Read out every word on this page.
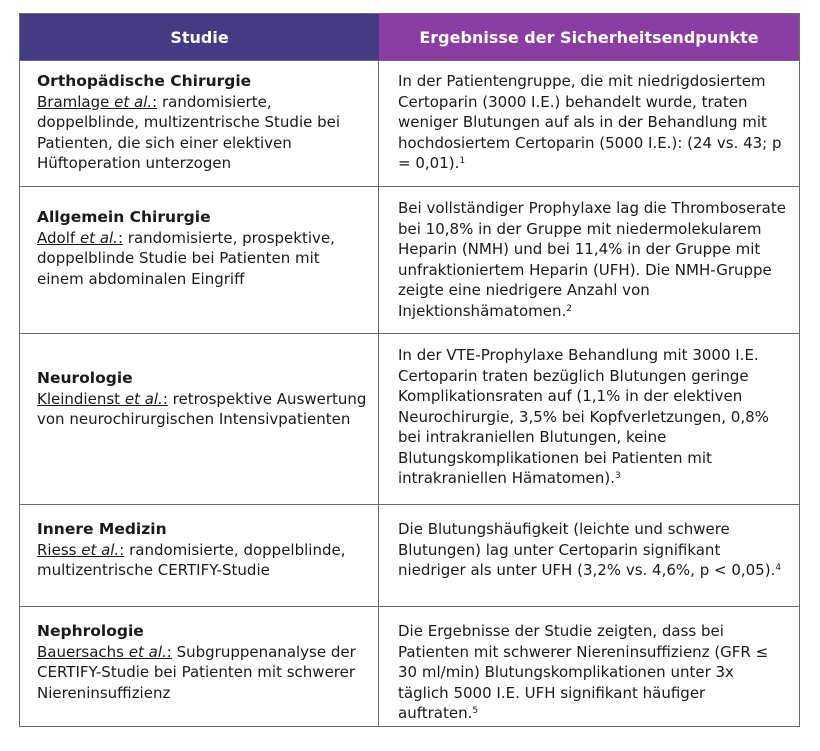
Studie	Ergebnisse der Sicherheitsendpunkte
Orthopädische Chirurgie
Bramlage et al.: randomisierte, doppelblinde, multizentrische Studie bei Patienten, die sich einer elektiven Hüftoperation unterzogen
In der Patientengruppe, die mit niedrigdosiertem Certoparin (3000 I.E.) behandelt wurde, traten weniger Blutungen auf als in der Behandlung mit hochdosiertem Certoparin (5000 I.E.): (24 vs. 43; p = 0,01).$^1$
Allgemein Chirurgie
Adolf et al.: randomisierte, prospektive, doppelblinde Studie bei Patienten mit einem abdominalen Eingriff
Bei vollständiger Prophylaxe lag die Thromboserate bei 10,8% in der Gruppe mit niedermolekularem Heparin (NMH) und bei 11,4% in der Gruppe mit unfraktioniertem Heparin (UFH). Die NMH-Gruppe zeigte eine niedrigere Anzahl von Injektionshämatomen.$^2$
Neurologie
Kleindienst et al.: retrospektive Auswertung von neurochirurgischen Intensivpatienten
In der VTE-Prophylaxe Behandlung mit 3000 I.E. Certoparin traten bezüglich Blutungen geringe Komplikationsraten auf (1,1% in der elektiven Neurochirurgie, 3,5% bei Kopfverletzungen, 0,8% bei intrakraniellen Blutungen, keine Blutungskomplikationen bei Patienten mit intrakraniellen Hämatomen).$^3$
Innere Medizin
Riess et al.: randomisierte, doppelblinde, multizentrische CERTIFY-Studie
Die Blutungshäufigkeit (leichte und schwere Blutungen) lag unter Certoparin signifikant niedriger als unter UFH (3,2% vs. 4,6%, p < 0,05).$^4$
Nephrologie
Bauersachs et al.: Subgruppenanalyse der CERTIFY-Studie bei Patienten mit schwerer Niereninsuffizienz
Die Ergebnisse der Studie zeigten, dass bei Patienten mit schwerer Niereninsuffizienz (GFR ≤ 30 ml/min) Blutungskomplikationen unter 3x täglich 5000 I.E. UFH signifikant häufiger auftraten.$^5$
